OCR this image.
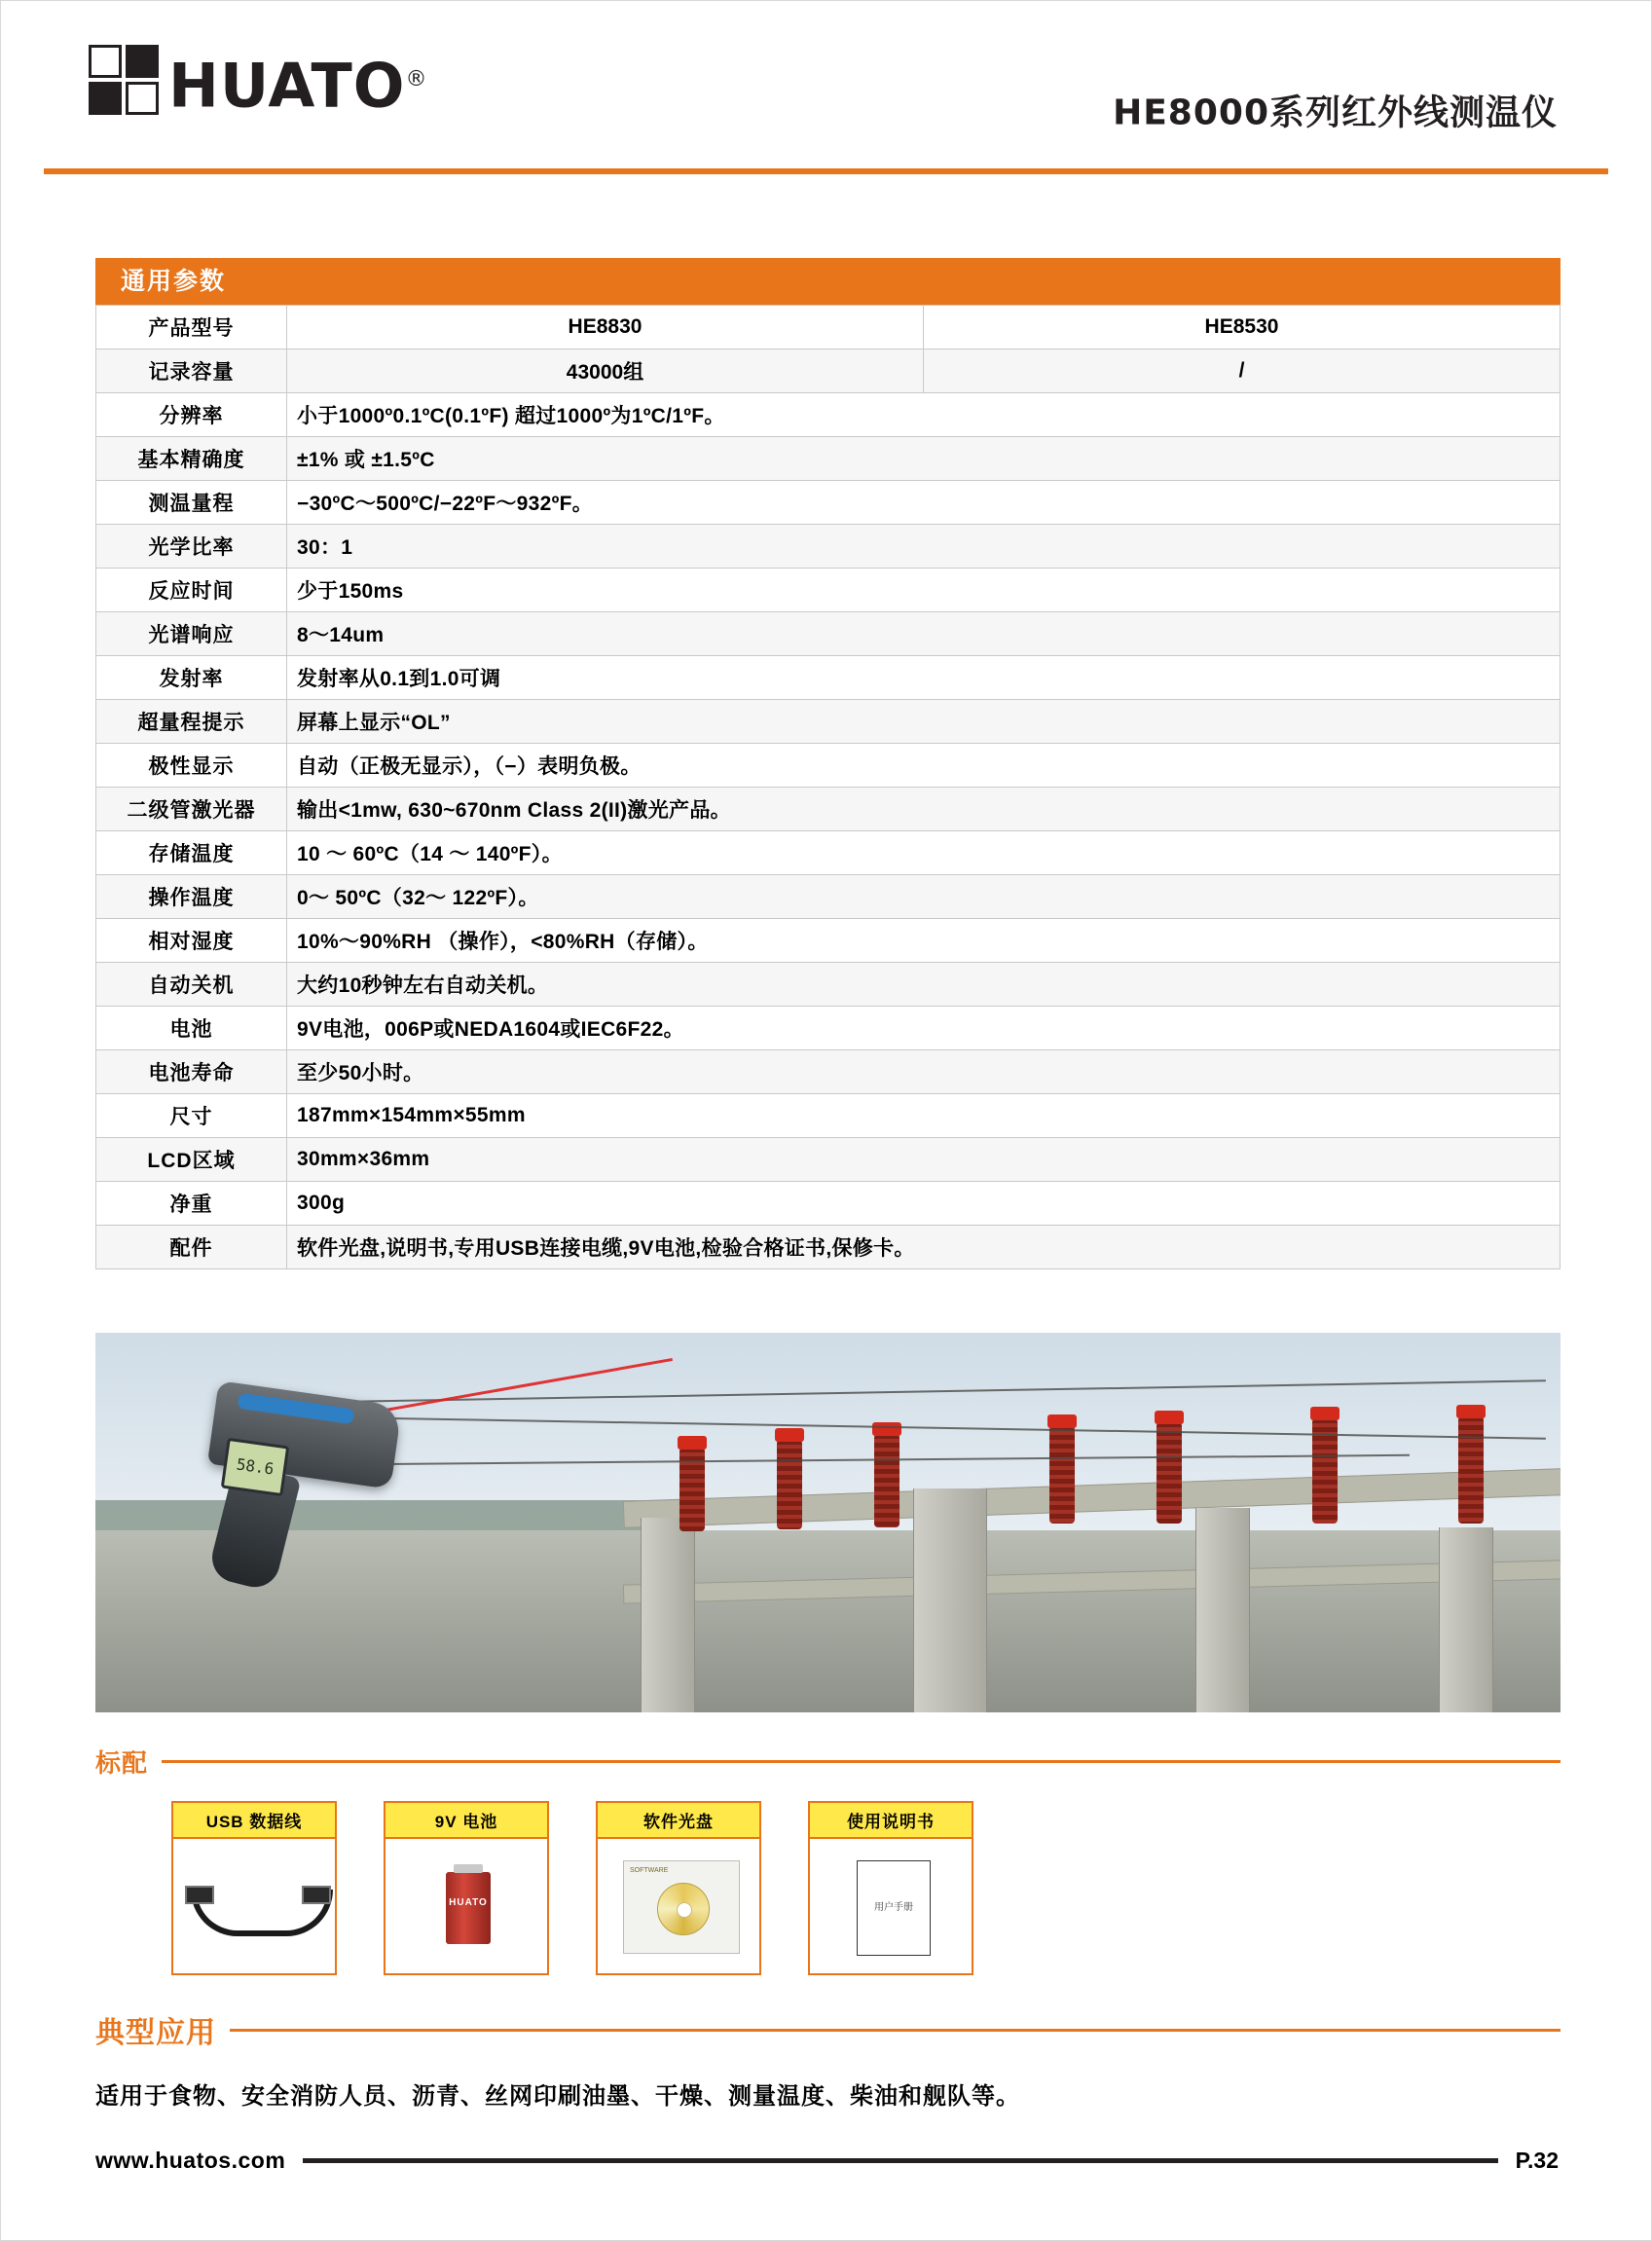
HUATO®
HE8000系列红外线测温仪
通用参数
产品型号	HE8830	HE8530
记录容量	43000组	/
分辨率	小于1000º0.1ºC(0.1ºF) 超过1000º为1ºC/1ºF。	
基本精确度	±1% 或 ±1.5ºC	
测温量程	−30ºC～500ºC/−22ºF～932ºF。	
光学比率	30：1	
反应时间	少于150ms	
光谱响应	8～14um	
发射率	发射率从0.1到1.0可调	
超量程提示	屏幕上显示“OL”	
极性显示	自动（正极无显示），（−）表明负极。	
二级管激光器	输出<1mw, 630~670nm Class 2(II)激光产品。	
存储温度	10 ～ 60ºC（14 ～ 140ºF）。	
操作温度	0～ 50ºC（32～ 122ºF）。	
相对湿度	10%～90%RH （操作），<80%RH（存储）。	
自动关机	大约10秒钟左右自动关机。	
电池	9V电池，006P或NEDA1604或IEC6F22。	
电池寿命	至少50小时。	
尺寸	187mm×154mm×55mm	
LCD区域	30mm×36mm	
净重	300g	
配件	软件光盘,说明书,专用USB连接电缆,9V电池,检验合格证书,保修卡。	
58.6
标配
USB 数据线	9V 电池
HUATO
软件光盘
SOFTWARE
使用说明书
用户手册
典型应用
适用于食物、安全消防人员、沥青、丝网印刷油墨、干燥、测量温度、柴油和舰队等。
www.huatos.com	P.32
